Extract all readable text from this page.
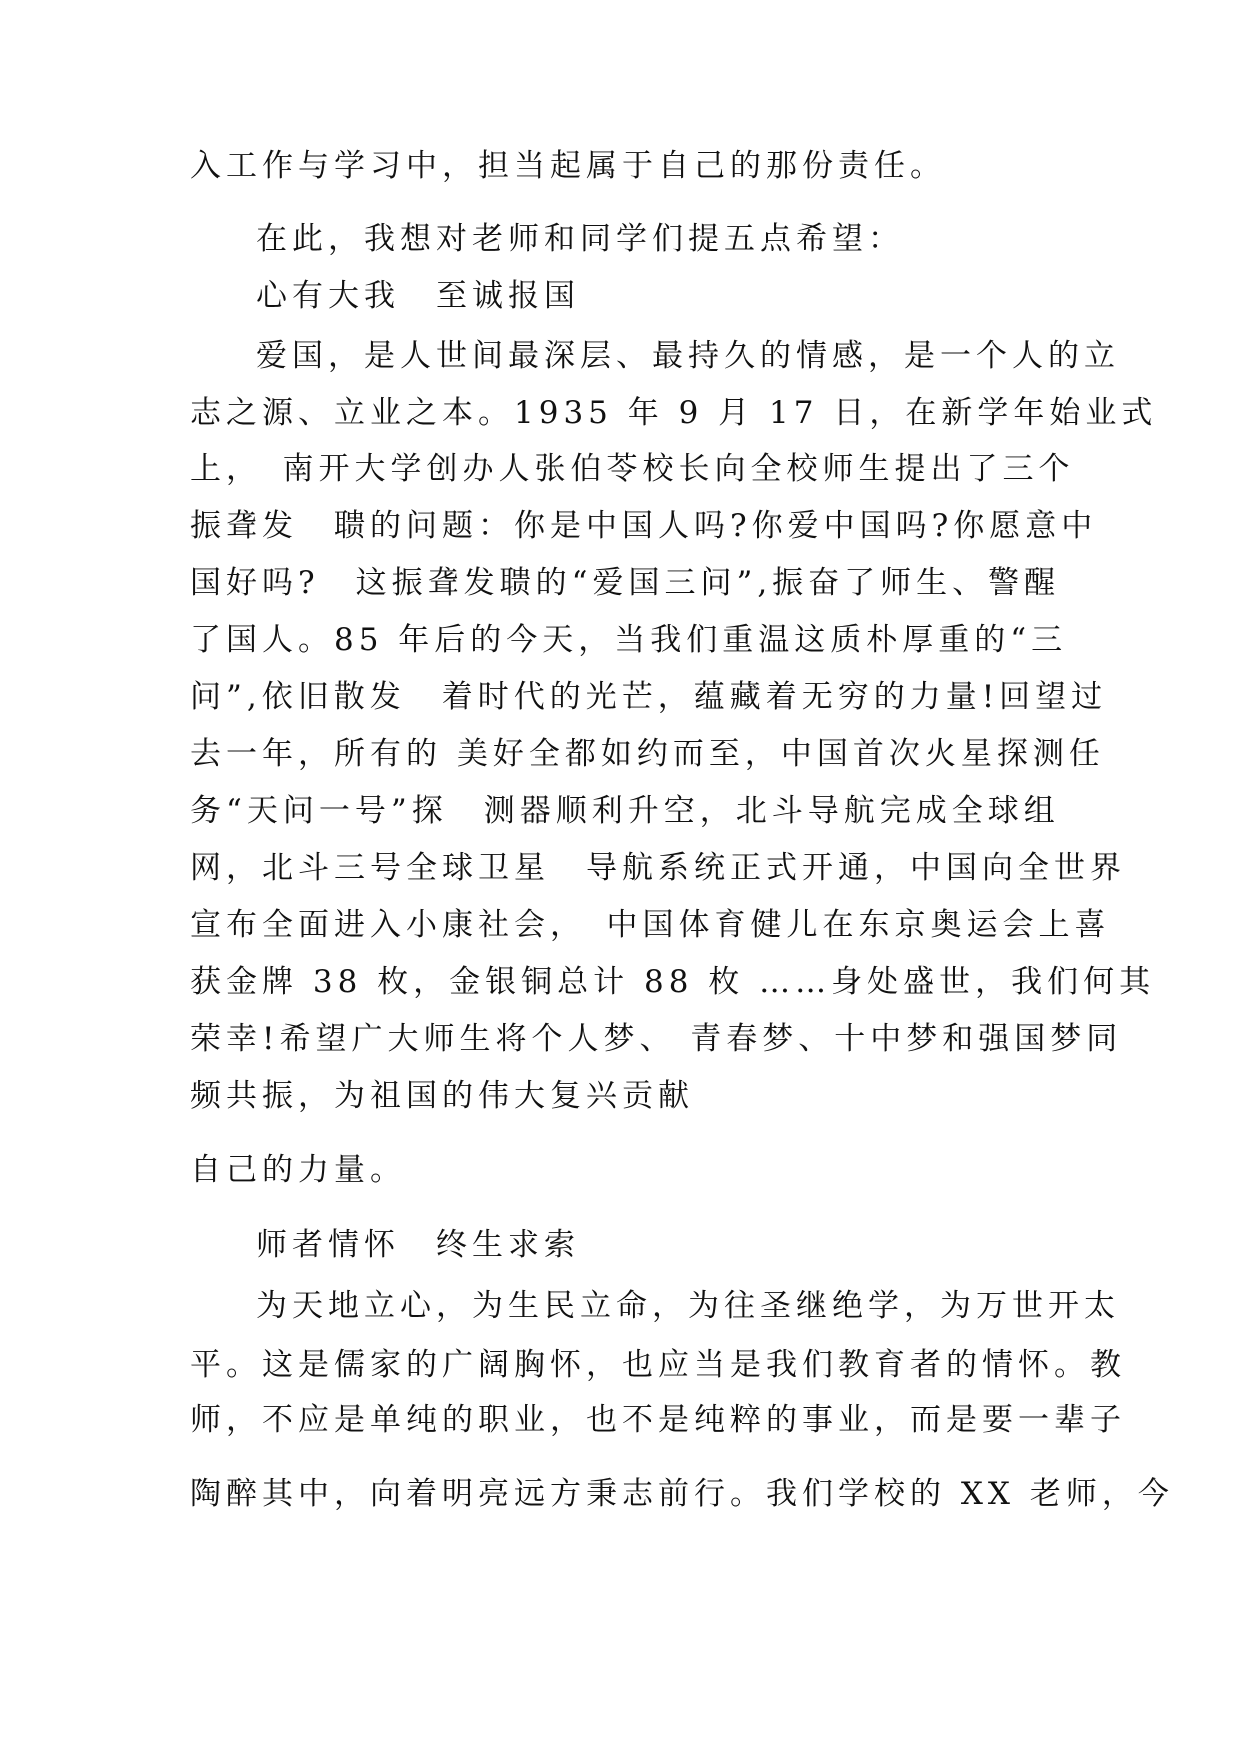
入工作与学习中，担当起属于自己的那份责任。
在此，我想对老师和同学们提五点希望：
心有大我　至诚报国
爱国，是人世间最深层、最持久的情感，是一个人的立
志之源、立业之本。1935 年 9 月 17 日，在新学年始业式
上，　南开大学创办人张伯苓校长向全校师生提出了三个
振聋发　聩的问题：你是中国人吗?你爱中国吗?你愿意中
国好吗?　这振聋发聩的“爱国三问”,振奋了师生、警醒
了国人。85 年后的今天，当我们重温这质朴厚重的“三
问”,依旧散发　着时代的光芒，蕴藏着无穷的力量!回望过
去一年，所有的 美好全都如约而至，中国首次火星探测任
务“天问一号”探　测器顺利升空，北斗导航完成全球组
网，北斗三号全球卫星　导航系统正式开通，中国向全世界
宣布全面进入小康社会，　中国体育健儿在东京奥运会上喜
获金牌 38 枚，金银铜总计 88 枚 ……身处盛世，我们何其
荣幸!希望广大师生将个人梦、 青春梦、十中梦和强国梦同
频共振，为祖国的伟大复兴贡献
自己的力量。
师者情怀　终生求索
为天地立心，为生民立命，为往圣继绝学，为万世开太
平。这是儒家的广阔胸怀，也应当是我们教育者的情怀。教
师，不应是单纯的职业，也不是纯粹的事业，而是要一辈子
陶醉其中，向着明亮远方秉志前行。我们学校的 XX 老师，今
